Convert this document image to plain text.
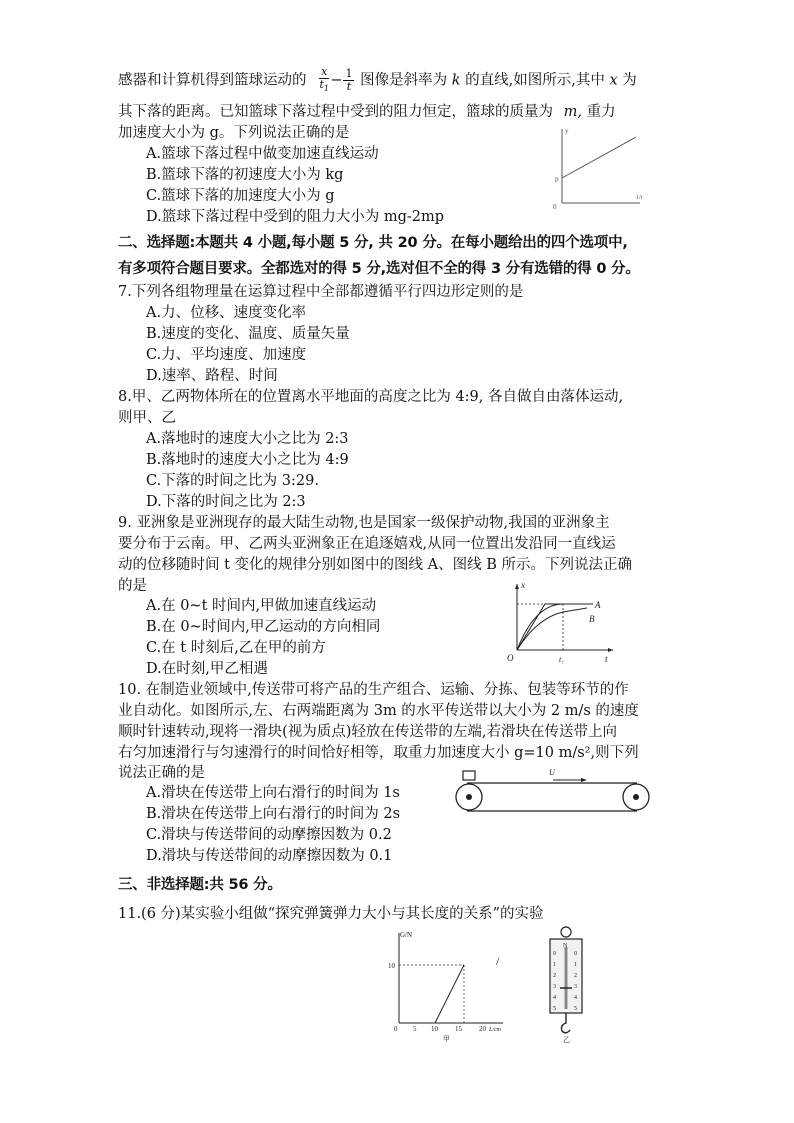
感器和计算机得到篮球运动的 $\frac{x}{t_1} - \frac{1}{t}$ 图像是斜率为 k 的直线,如图所示,其中 x 为
其下落的距离。已知篮球下落过程中受到的阻力恒定，篮球的质量为 m, 重力
加速度大小为 g。下列说法正确的是
A.篮球下落过程中做变加速直线运动
B.篮球下落的初速度大小为 kg
C.篮球下落的加速度大小为 g
D.篮球下落过程中受到的阻力大小为 mg-2mp
y
p
0
1/t
二、选择题:本题共 4 小题,每小题 5 分, 共 20 分。在每小题给出的四个选项中,
有多项符合题目要求。全都选对的得 5 分,选对但不全的得 3 分有选错的得 0 分。
7.下列各组物理量在运算过程中全部都遵循平行四边形定则的是
A.力、位移、速度变化率
B.速度的变化、温度、质量矢量
C.力、平均速度、加速度
D.速率、路程、时间
8.甲、乙两物体所在的位置离水平地面的高度之比为 4:9, 各自做自由落体运动,
则甲、乙
A.落地时的速度大小之比为 2:3
B.落地时的速度大小之比为 4:9
C.下落的时间之比为 3:29.
D.下落的时间之比为 2:3
9. 亚洲象是亚洲现存的最大陆生动物,也是国家一级保护动物,我国的亚洲象主
要分布于云南。甲、乙两头亚洲象正在追逐嬉戏,从同一位置出发沿同一直线运
动的位移随时间 t 变化的规律分别如图中的图线 A、图线 B 所示。下列说法正确
的是
A.在 0~t 时间内,甲做加速直线运动
B.在 0~时间内,甲乙运动的方向相同
C.在 t 时刻后,乙在甲的前方
D.在时刻,甲乙相遇
x
A
B
O	t₁	t
10. 在制造业领域中,传送带可将产品的生产组合、运输、分拣、包装等环节的作
业自动化。如图所示,左、右两端距离为 3m 的水平传送带以大小为 2 m/s 的速度
顺时针速转动,现将一滑块(视为质点)轻放在传送带的左端,若滑块在传送带上向
右匀加速滑行与匀速滑行的时间恰好相等，取重力加速度大小 g=10 m/s²,则下列
说法正确的是
A.滑块在传送带上向右滑行的时间为 1s
B.滑块在传送带上向右滑行的时间为 2s
C.滑块与传送带间的动摩擦因数为 0.2
D.滑块与传送带间的动摩擦因数为 0.1
U
三、非选择题:共 56 分。
11.(6 分)某实验小组做“探究弹簧弹力大小与其长度的关系”的实验
G/N
10
0 5 10 15 20 L/cm
甲
/
N
0
1
2
3
4
5
0
1
2
3
4
5
乙
